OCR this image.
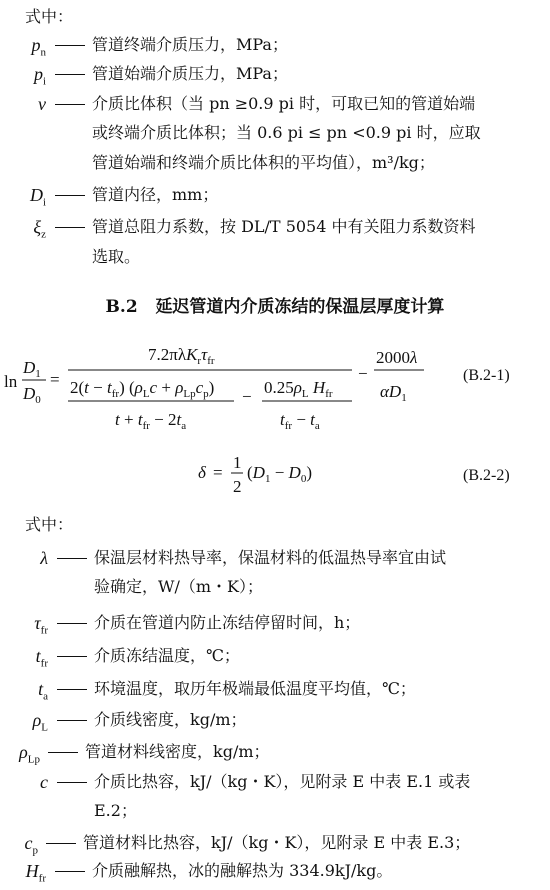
式中：
$p_n$	管道终端介质压力，MPa；
$p_i$	管道始端介质压力，MPa；
v	介质比体积（当 pn ≥0.9 pi 时，可取已知的管道始端
或终端介质比体积；当 0.6 pi ≤ pn <0.9 pi 时，应取
管道始端和终端介质比体积的平均值），m³/kg；
$D_i$	管道内径，mm；
$\xi_z$	管道总阻力系数，按 DL/T 5054 中有关阻力系数资料
选取。
B.2 延迟管道内介质冻结的保温层厚度计算
ln
$D_1$
$D_0$
=
$7.2\pi\lambda K_r\tau_{fr}$
$2(t - t_{fr})$ $(\rho_Lc + \rho_{Lp}c_p)$
$t + t_{fr} - 2t_a$
− $0.25\rho_L$ $H_{fr}$
$t_{fr} - t_a$
−
2000λ
$\alpha D_1$
(B.2-1)
δ =
1
2
$(D_1 - D_0)$	(B.2-2)
式中：
λ	保温层材料热导率，保温材料的低温热导率宜由试
验确定，W/（m・K）；
$\tau_{fr}$	介质在管道内防止冻结停留时间，h；
$t_{fr}$	介质冻结温度，℃；
$t_a$	环境温度，取历年极端最低温度平均值，℃；
$\rho_L$	介质线密度，kg/m；
$\rho_{Lp}$	管道材料线密度，kg/m；
c	介质比热容，kJ/（kg・K），见附录 E 中表 E.1 或表
E.2；
$c_p$	管道材料比热容，kJ/（kg・K），见附录 E 中表 E.3；
$H_{fr}$	介质融解热，冰的融解热为 334.9kJ/kg。
